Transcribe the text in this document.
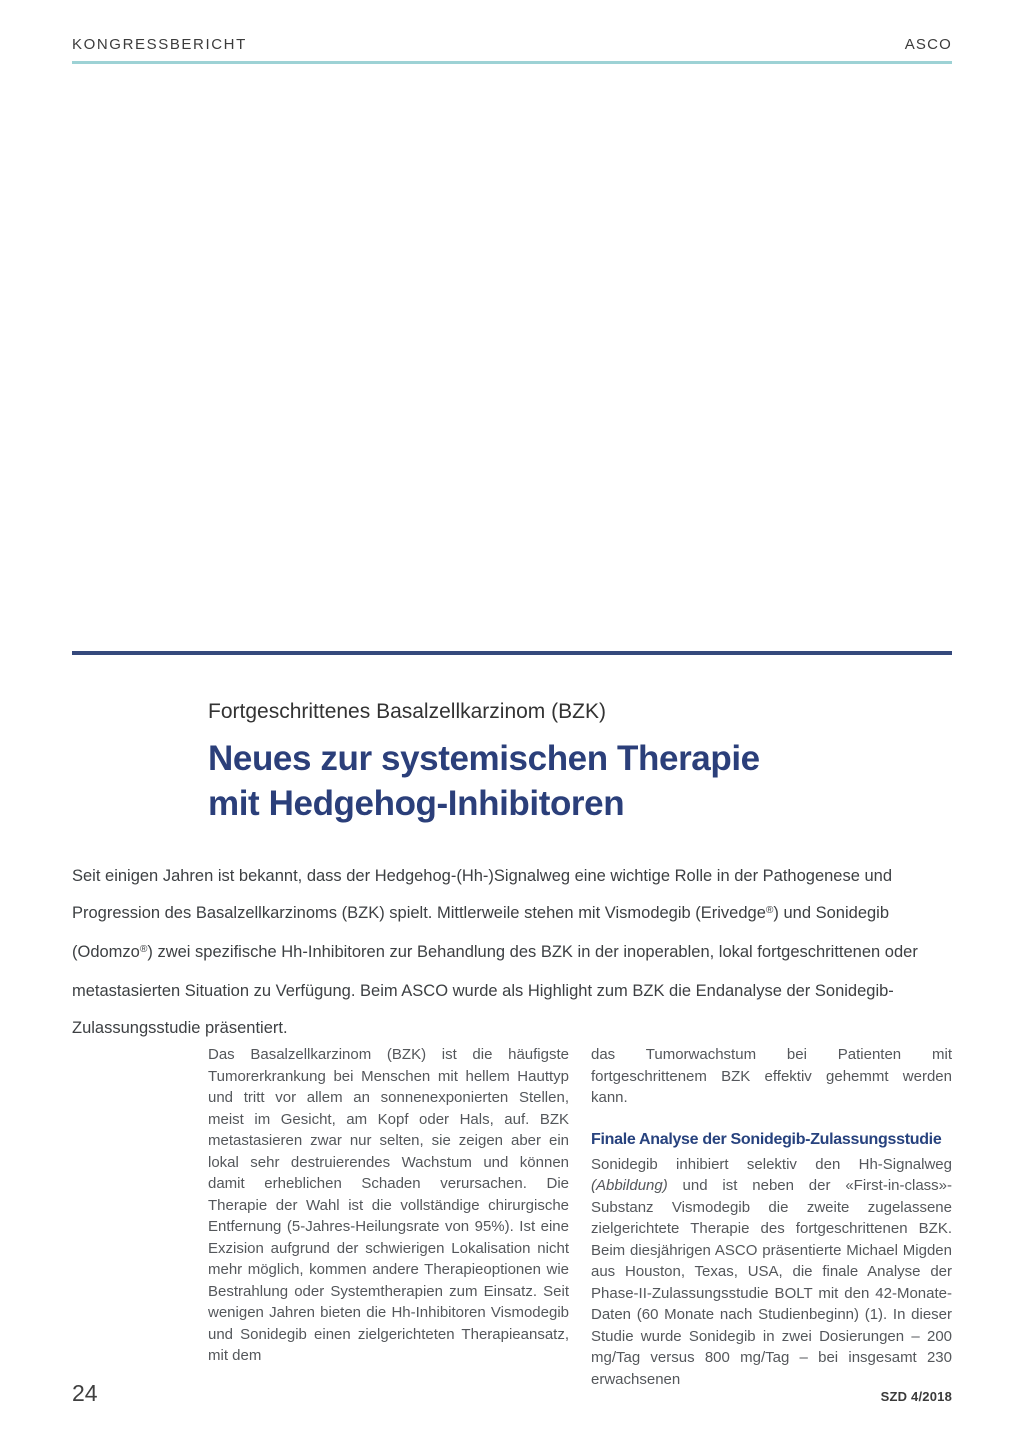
KONGRESSBERICHT	ASCO

Fortgeschrittenes Basalzellkarzinom (BZK)

Neues zur systemischen Therapie
mit Hedgehog-Inhibitoren
Seit einigen Jahren ist bekannt, dass der Hedgehog-(Hh-)Signalweg eine wichtige Rolle in der Pathogenese und Progression des Basalzellkarzinoms (BZK) spielt. Mittlerweile stehen mit Vismodegib (Erivedge®) und Sonidegib (Odomzo®) zwei spezifische Hh-Inhibitoren zur Behandlung des BZK in der inoperablen, lokal fortgeschrittenen oder metastasierten Situation zu Verfügung. Beim ASCO wurde als Highlight zum BZK die Endanalyse der Sonidegib-Zulassungsstudie präsentiert.

Das Basalzellkarzinom (BZK) ist die häufigste Tumorerkrankung bei Menschen mit hellem Hauttyp und tritt vor allem an sonnenexponierten Stellen, meist im Gesicht, am Kopf oder Hals, auf. BZK metastasieren zwar nur selten, sie zeigen aber ein lokal sehr destruierendes Wachstum und können damit erheblichen Schaden verursachen. Die Therapie der Wahl ist die vollständige chirurgische Entfernung (5-Jahres-Heilungsrate von 95%). Ist eine Exzision aufgrund der schwierigen Lokalisation nicht mehr möglich, kommen andere Therapieoptionen wie Bestrahlung oder Systemtherapien zum Einsatz. Seit wenigen Jahren bieten die Hh-Inhibitoren Vismodegib und Sonidegib einen zielgerichteten Therapieansatz, mit dem

das Tumorwachstum bei Patienten mit fortgeschrittenem BZK effektiv gehemmt werden kann.

Finale Analyse der Sonidegib-Zulassungsstudie

Sonidegib inhibiert selektiv den Hh-Signalweg (Abbildung) und ist neben der «First-in-class»-Substanz Vismodegib die zweite zugelassene zielgerichtete Therapie des fortgeschrittenen BZK. Beim diesjährigen ASCO präsentierte Michael Migden aus Houston, Texas, USA, die finale Analyse der Phase-II-Zulassungsstudie BOLT mit den 42-Monate-Daten (60 Monate nach Studienbeginn) (1). In dieser Studie wurde Sonidegib in zwei Dosierungen – 200 mg/Tag versus 800 mg/Tag – bei insgesamt 230 erwachsenen

24	SZD 4/2018
